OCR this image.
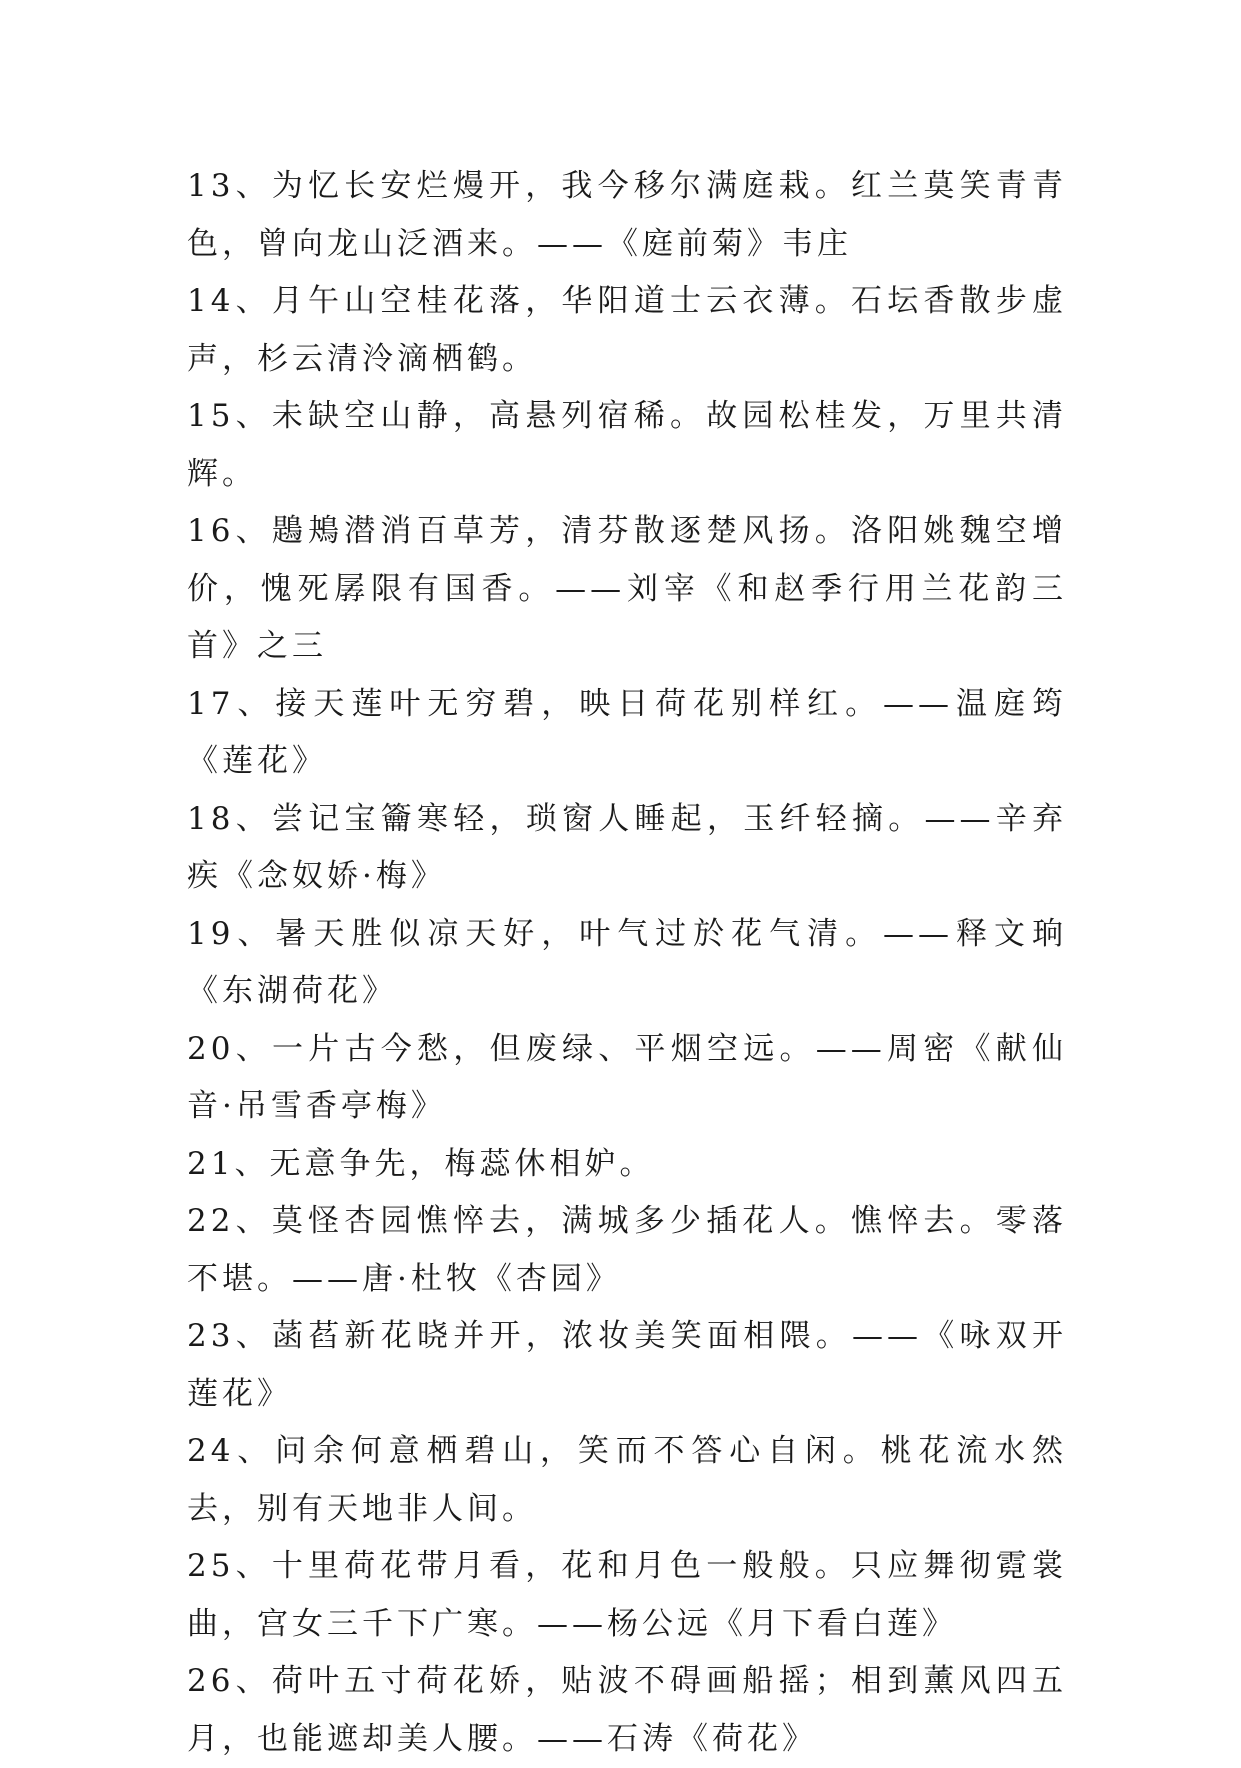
13、为忆长安烂熳开，我今移尔满庭栽。红兰莫笑青青色，曾向龙山泛酒来。——《庭前菊》韦庄

14、月午山空桂花落，华阳道士云衣薄。石坛香散步虚声，杉云清泠滴栖鹤。

15、未缺空山静，高悬列宿稀。故园松桂发，万里共清辉。

16、鶗鴂潜消百草芳，清芬散逐楚风扬。洛阳姚魏空增价，愧死孱限有国香。——刘宰《和赵季行用兰花韵三首》之三

17、接天莲叶无穷碧，映日荷花别样红。——温庭筠《莲花》

18、尝记宝籥寒轻，琐窗人睡起，玉纤轻摘。——辛弃疾《念奴娇·梅》

19、暑天胜似凉天好，叶气过於花气清。——释文珦《东湖荷花》

20、一片古今愁，但废绿、平烟空远。——周密《献仙音·吊雪香亭梅》

21、无意争先，梅蕊休相妒。

22、莫怪杏园憔悴去，满城多少插花人。憔悴去。零落不堪。——唐·杜牧《杏园》

23、菡萏新花晓并开，浓妆美笑面相隈。——《咏双开莲花》

24、问余何意栖碧山，笑而不答心自闲。桃花流水然去，别有天地非人间。

25、十里荷花带月看，花和月色一般般。只应舞彻霓裳曲，宫女三千下广寒。——杨公远《月下看白莲》

26、荷叶五寸荷花娇，贴波不碍画船摇；相到薰风四五月，也能遮却美人腰。——石涛《荷花》
